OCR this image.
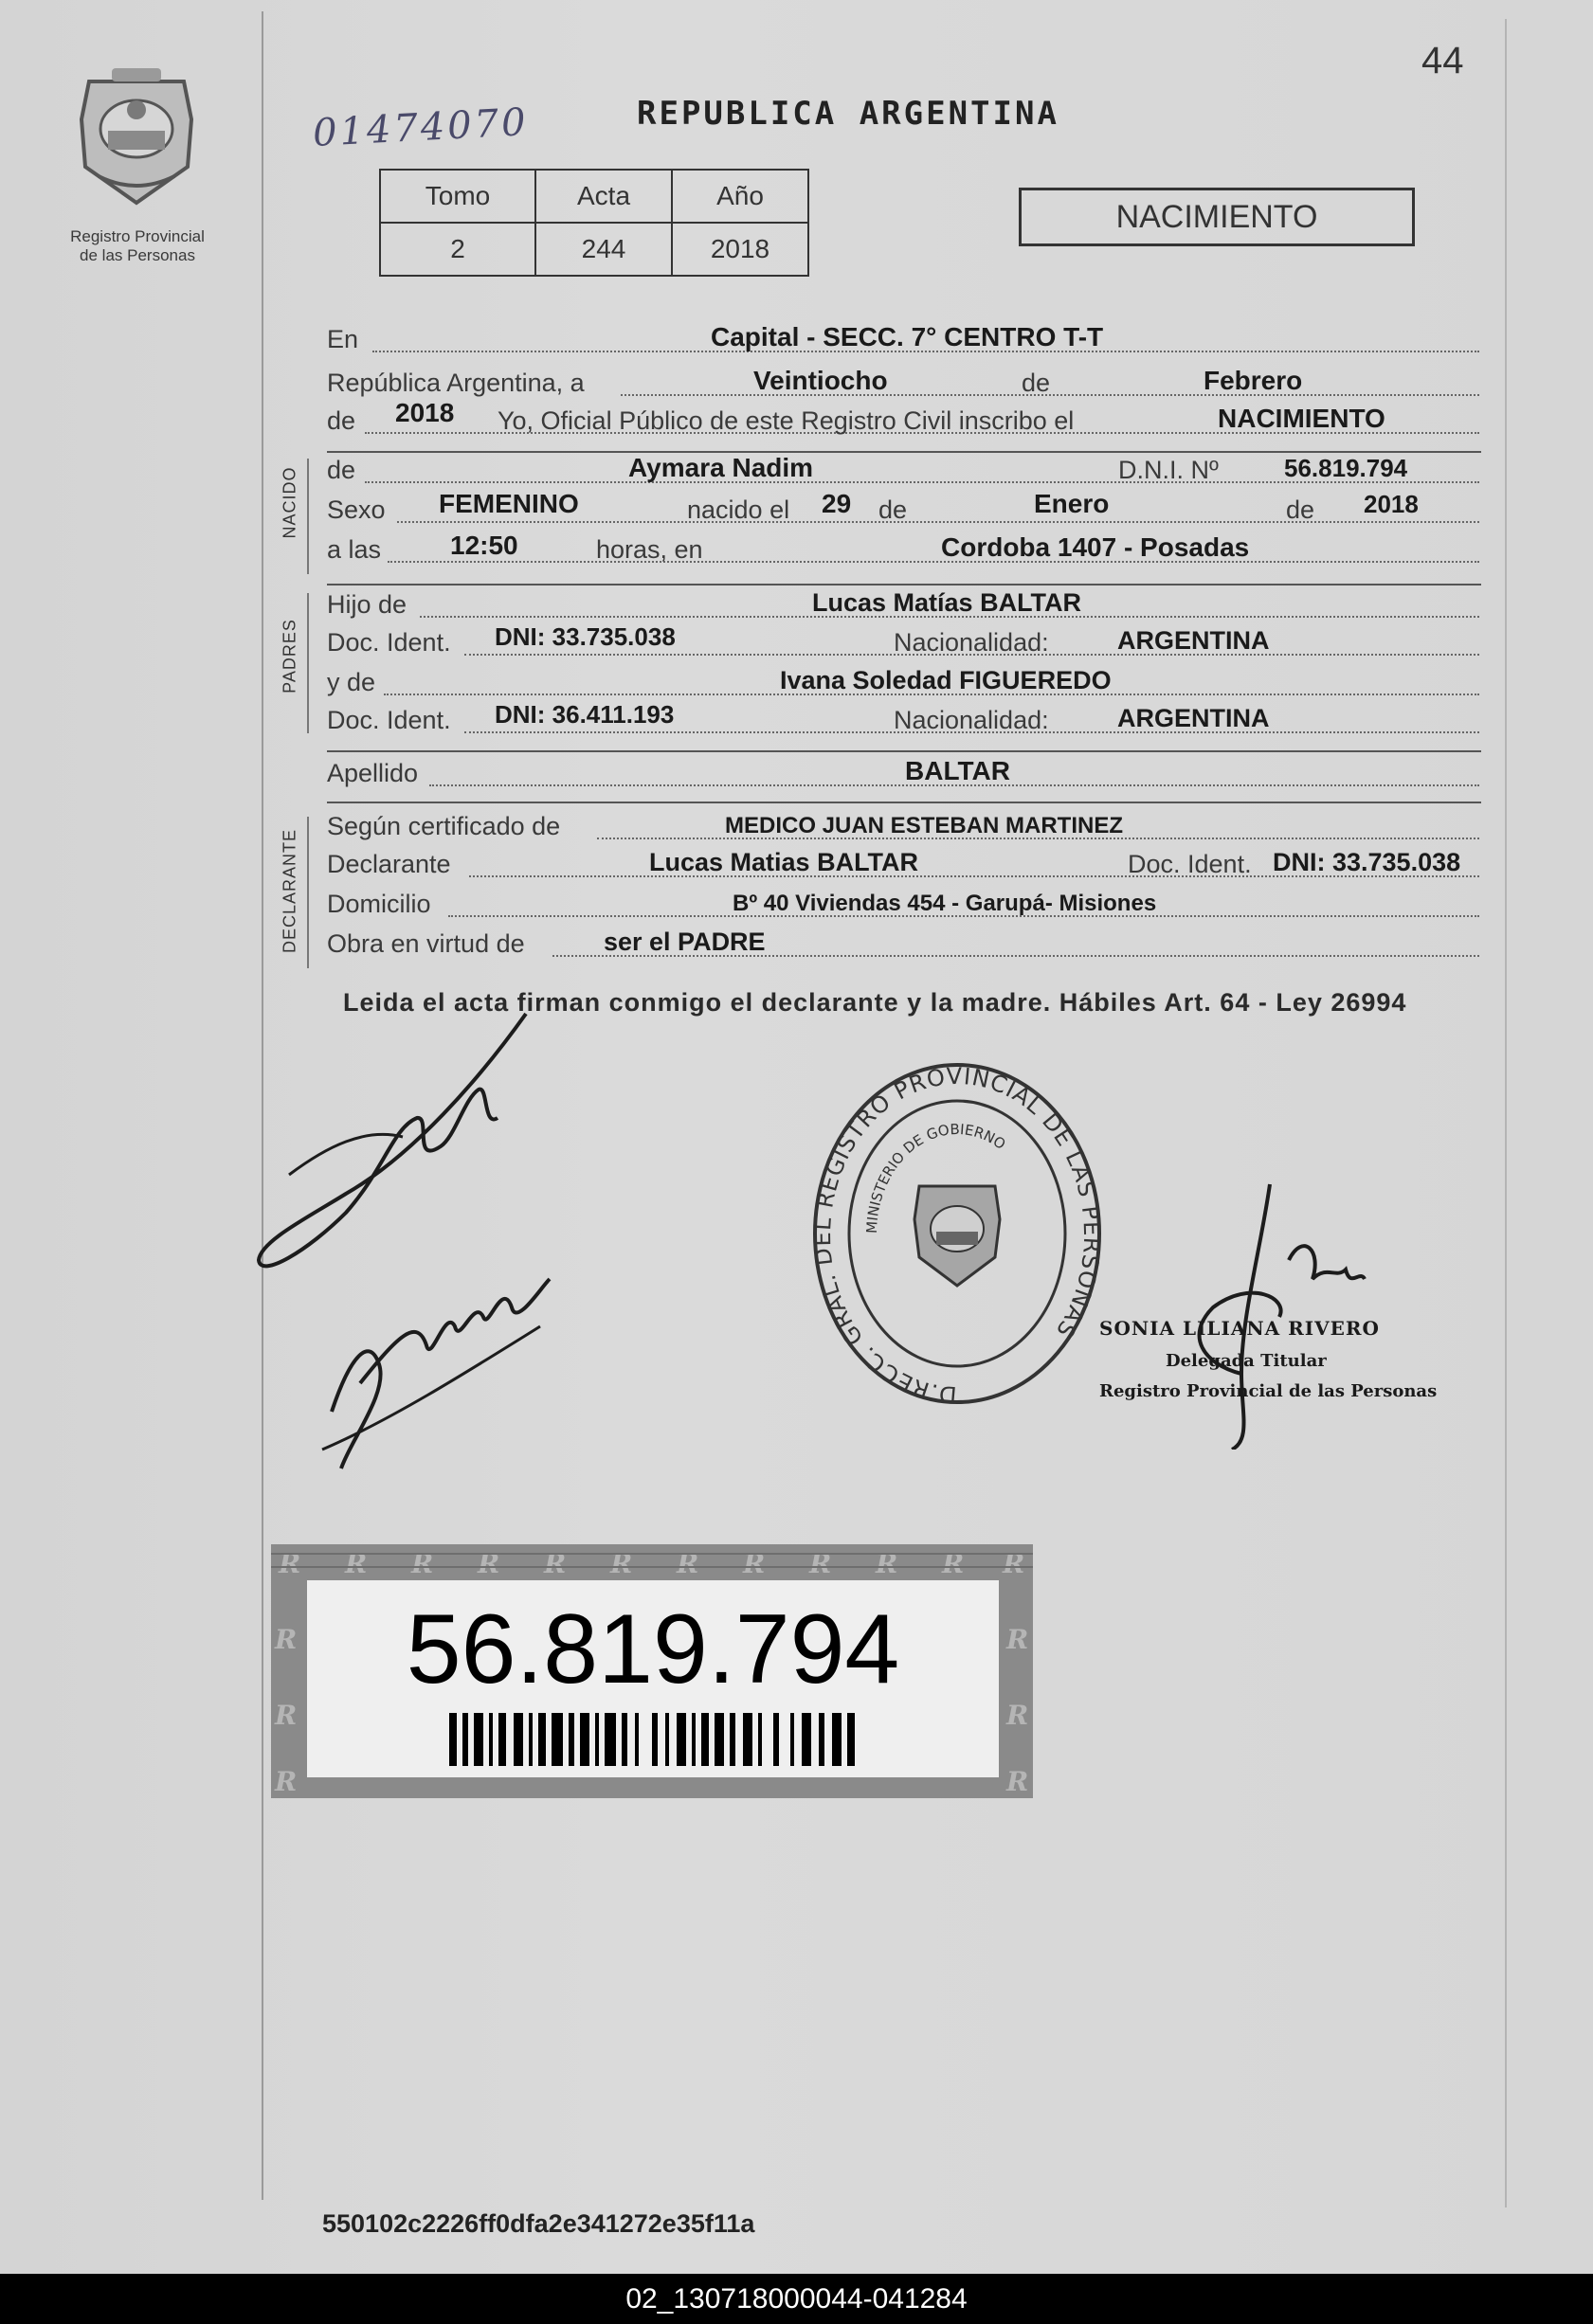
Registro Provincial
de las Personas
44
01474070	REPUBLICA ARGENTINA
Tomo	Acta	Año
2	244	2018
NACIMIENTO
En	Capital - SECC. 7° CENTRO T-T
República Argentina, a	Veintiocho	de	Febrero
de 2018 Yo, Oficial Público de este Registro Civil inscribo el	NACIMIENTO
de	Aymara Nadim	D.N.I. Nº	56.819.794
Sexo FEMENINO	nacido el 29 de	Enero	de 2018
a las	12:50	horas, en	Cordoba 1407 - Posadas
NACIDO
Hijo de	Lucas Matías BALTAR
Doc. Ident. DNI: 33.735.038	Nacionalidad:	ARGENTINA
y de	Ivana Soledad FIGUEREDO
Doc. Ident. DNI: 36.411.193	Nacionalidad:	ARGENTINA
PADRES
Apellido	BALTAR
Según certificado de	MEDICO JUAN ESTEBAN MARTINEZ
Declarante	Lucas Matias BALTAR	Doc. Ident. DNI: 33.735.038
Domicilio	Bº 40 Viviendas 454 - Garupá- Misiones
Obra en virtud de	ser el PADRE
DECLARANTE
Leida el acta firman conmigo el declarante y la madre. Hábiles Art. 64 - Ley 26994
D.RECC. GRAL. DEL REGISTRO PROVINCIAL DE LAS PERSONAS
MINISTERIO DE GOBIERNO
SONIA LILIANA RIVERO
Delegada Titular
Registro Provincial de las Personas
R R R R R R R R R R R R
R
R
R
R
R
R
56.819.794
550102c2226ff0dfa2e341272e35f11a
02_130718000044-041284
